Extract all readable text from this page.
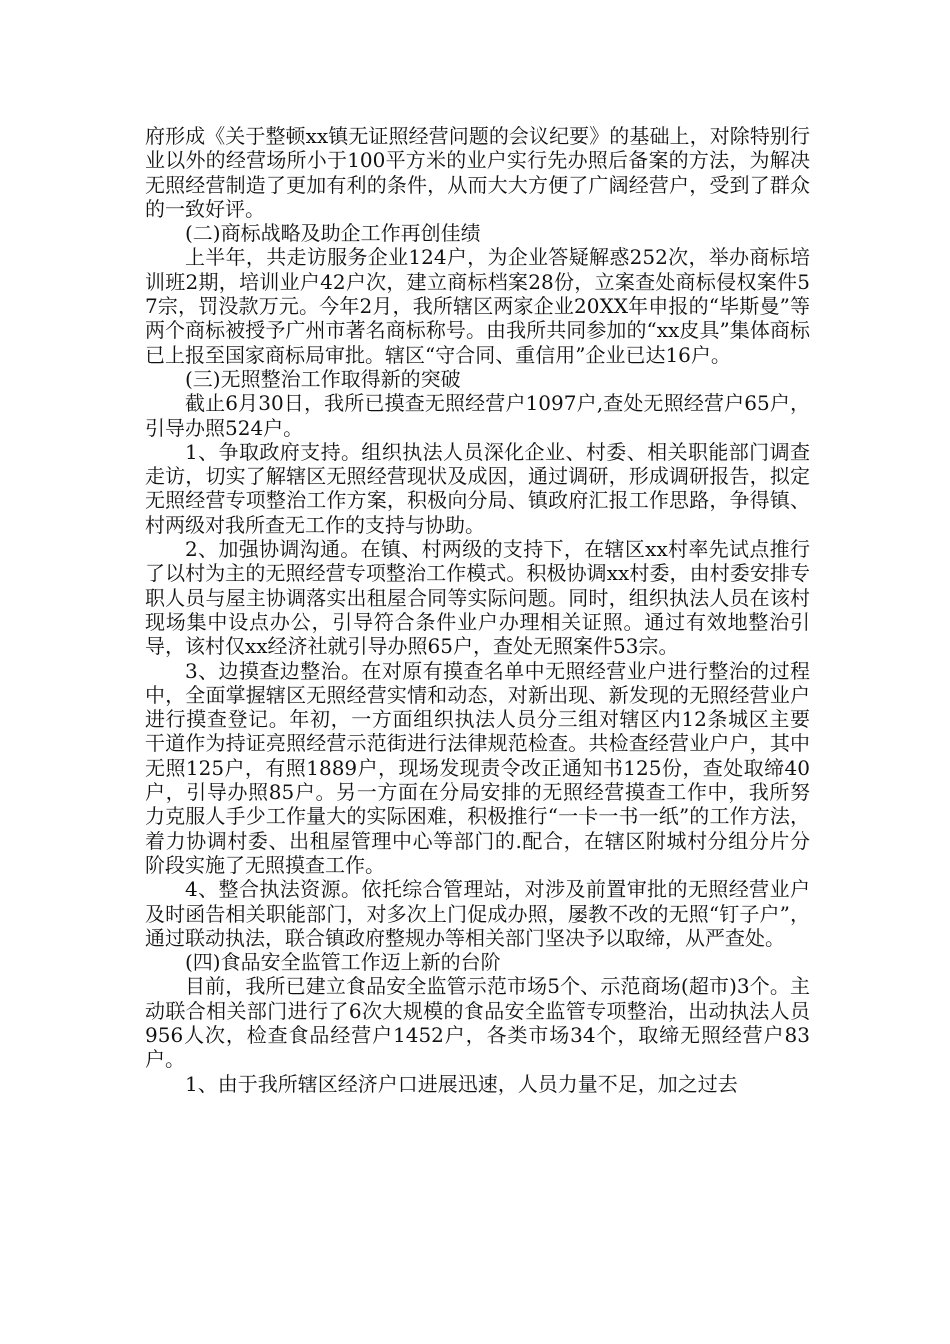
府形成《关于整顿xx镇无证照经营问题的会议纪要》的基础上，对除特别行业以外的经营场所小于100平方米的业户实行先办照后备案的方法，为解决无照经营制造了更加有利的条件，从而大大方便了广阔经营户，受到了群众的一致好评。

(二)商标战略及助企工作再创佳绩

上半年，共走访服务企业124户，为企业答疑解惑252次，举办商标培训班2期，培训业户42户次，建立商标档案28份，立案查处商标侵权案件57宗，罚没款万元。今年2月，我所辖区两家企业20XX年申报的“毕斯曼”等两个商标被授予广州市著名商标称号。由我所共同参加的“xx皮具”集体商标已上报至国家商标局审批。辖区“守合同、重信用”企业已达16户。

(三)无照整治工作取得新的突破

截止6月30日，我所已摸查无照经营户1097户,查处无照经营户65户，引导办照524户。

1、争取政府支持。组织执法人员深化企业、村委、相关职能部门调查走访，切实了解辖区无照经营现状及成因，通过调研，形成调研报告，拟定无照经营专项整治工作方案，积极向分局、镇政府汇报工作思路，争得镇、村两级对我所查无工作的支持与协助。

2、加强协调沟通。在镇、村两级的支持下，在辖区xx村率先试点推行了以村为主的无照经营专项整治工作模式。积极协调xx村委，由村委安排专职人员与屋主协调落实出租屋合同等实际问题。同时，组织执法人员在该村现场集中设点办公，引导符合条件业户办理相关证照。通过有效地整治引导，该村仅xx经济社就引导办照65户，查处无照案件53宗。

3、边摸查边整治。在对原有摸查名单中无照经营业户进行整治的过程中，全面掌握辖区无照经营实情和动态，对新出现、新发现的无照经营业户进行摸查登记。年初，一方面组织执法人员分三组对辖区内12条城区主要干道作为持证亮照经营示范街进行法律规范检查。共检查经营业户户，其中无照125户，有照1889户，现场发现责令改正通知书125份，查处取缔40户，引导办照85户。另一方面在分局安排的无照经营摸查工作中，我所努力克服人手少工作量大的实际困难，积极推行“一卡一书一纸”的工作方法，着力协调村委、出租屋管理中心等部门的.配合，在辖区附城村分组分片分阶段实施了无照摸查工作。

4、整合执法资源。依托综合管理站，对涉及前置审批的无照经营业户及时函告相关职能部门，对多次上门促成办照，屡教不改的无照“钉子户”，通过联动执法，联合镇政府整规办等相关部门坚决予以取缔，从严查处。

(四)食品安全监管工作迈上新的台阶

目前，我所已建立食品安全监管示范市场5个、示范商场(超市)3个。主动联合相关部门进行了6次大规模的食品安全监管专项整治，出动执法人员956人次，检查食品经营户1452户，各类市场34个，取缔无照经营户83户。

1、由于我所辖区经济户口进展迅速，人员力量不足，加之过去
